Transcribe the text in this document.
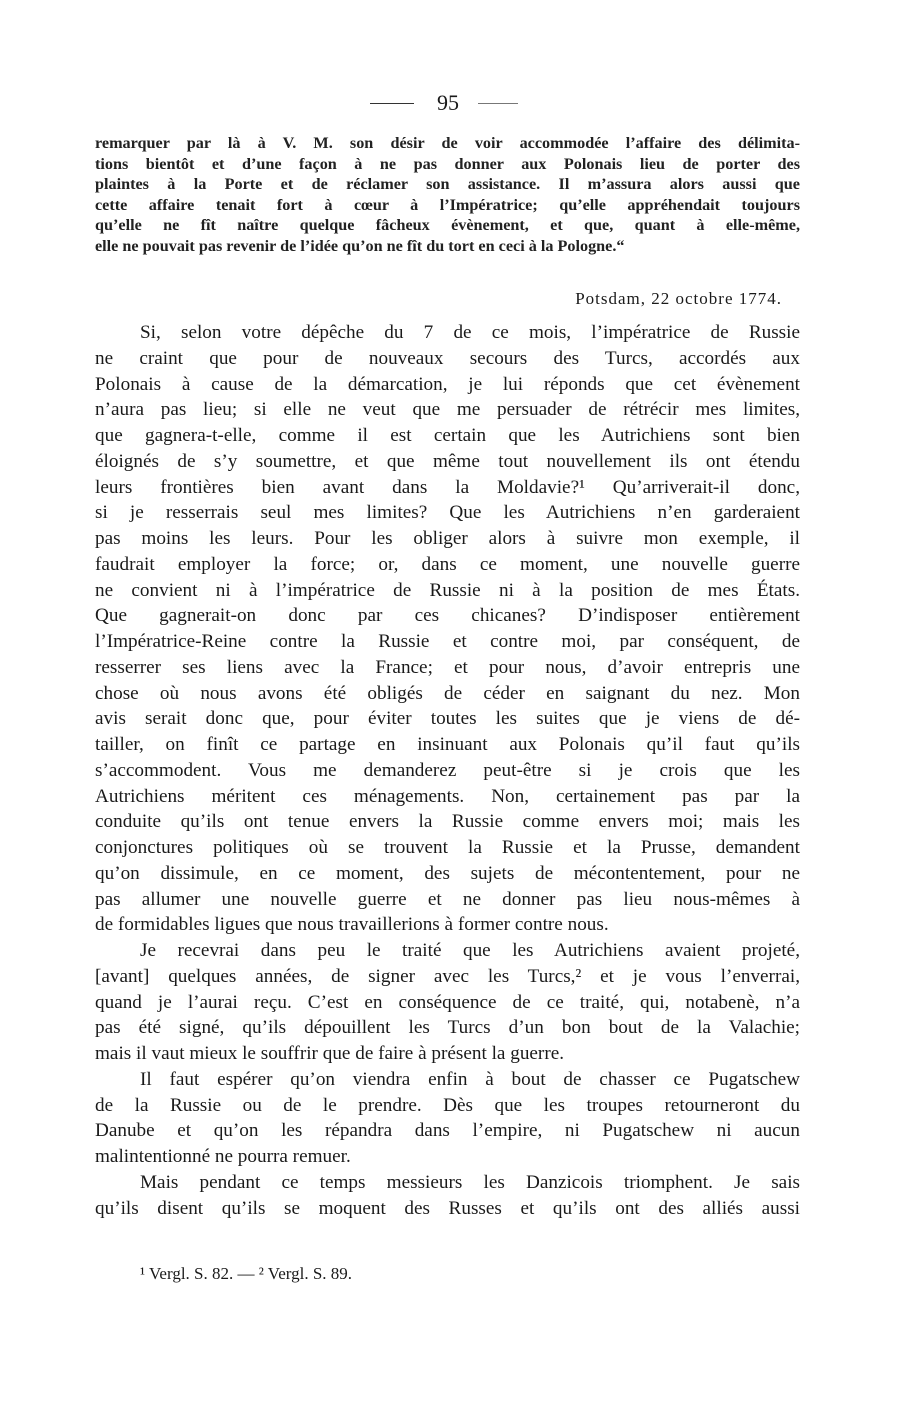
95
remarquer par là à V. M. son désir de voir accommodée l’affaire des délimita-
tions bientôt et d’une façon à ne pas donner aux Polonais lieu de porter des
plaintes à la Porte et de réclamer son assistance. Il m’assura alors aussi que
cette affaire tenait fort à cœur à l’Impératrice; qu’elle appréhendait toujours
qu’elle ne fît naître quelque fâcheux évènement, et que, quant à elle-même,
elle ne pouvait pas revenir de l’idée qu’on ne fît du tort en ceci à la Pologne.“
Potsdam, 22 octobre 1774.

Si, selon votre dépêche du 7 de ce mois, l’impératrice de Russie
ne craint que pour de nouveaux secours des Turcs, accordés aux
Polonais à cause de la démarcation, je lui réponds que cet évènement
n’aura pas lieu; si elle ne veut que me persuader de rétrécir mes limites,
que gagnera-t-elle, comme il est certain que les Autrichiens sont bien
éloignés de s’y soumettre, et que même tout nouvellement ils ont étendu
leurs frontières bien avant dans la Moldavie?¹ Qu’arriverait-il donc,
si je resserrais seul mes limites? Que les Autrichiens n’en garderaient
pas moins les leurs. Pour les obliger alors à suivre mon exemple, il
faudrait employer la force; or, dans ce moment, une nouvelle guerre
ne convient ni à l’impératrice de Russie ni à la position de mes États.
Que gagnerait-on donc par ces chicanes? D’indisposer entièrement
l’Impératrice-Reine contre la Russie et contre moi, par conséquent, de
resserrer ses liens avec la France; et pour nous, d’avoir entrepris une
chose où nous avons été obligés de céder en saignant du nez. Mon
avis serait donc que, pour éviter toutes les suites que je viens de dé-
tailler, on finît ce partage en insinuant aux Polonais qu’il faut qu’ils
s’accommodent. Vous me demanderez peut-être si je crois que les
Autrichiens méritent ces ménagements. Non, certainement pas par la
conduite qu’ils ont tenue envers la Russie comme envers moi; mais les
conjonctures politiques où se trouvent la Russie et la Prusse, demandent
qu’on dissimule, en ce moment, des sujets de mécontentement, pour ne
pas allumer une nouvelle guerre et ne donner pas lieu nous-mêmes à
de formidables ligues que nous travaillerions à former contre nous.

Je recevrai dans peu le traité que les Autrichiens avaient projeté,
[avant] quelques années, de signer avec les Turcs,² et je vous l’enverrai,
quand je l’aurai reçu. C’est en conséquence de ce traité, qui, notabenè, n’a
pas été signé, qu’ils dépouillent les Turcs d’un bon bout de la Valachie;
mais il vaut mieux le souffrir que de faire à présent la guerre.

Il faut espérer qu’on viendra enfin à bout de chasser ce Pugatschew
de la Russie ou de le prendre. Dès que les troupes retourneront du
Danube et qu’on les répandra dans l’empire, ni Pugatschew ni aucun
malintentionné ne pourra remuer.

Mais pendant ce temps messieurs les Danzicois triomphent. Je sais
qu’ils disent qu’ils se moquent des Russes et qu’ils ont des alliés aussi

¹ Vergl. S. 82. — ² Vergl. S. 89.
